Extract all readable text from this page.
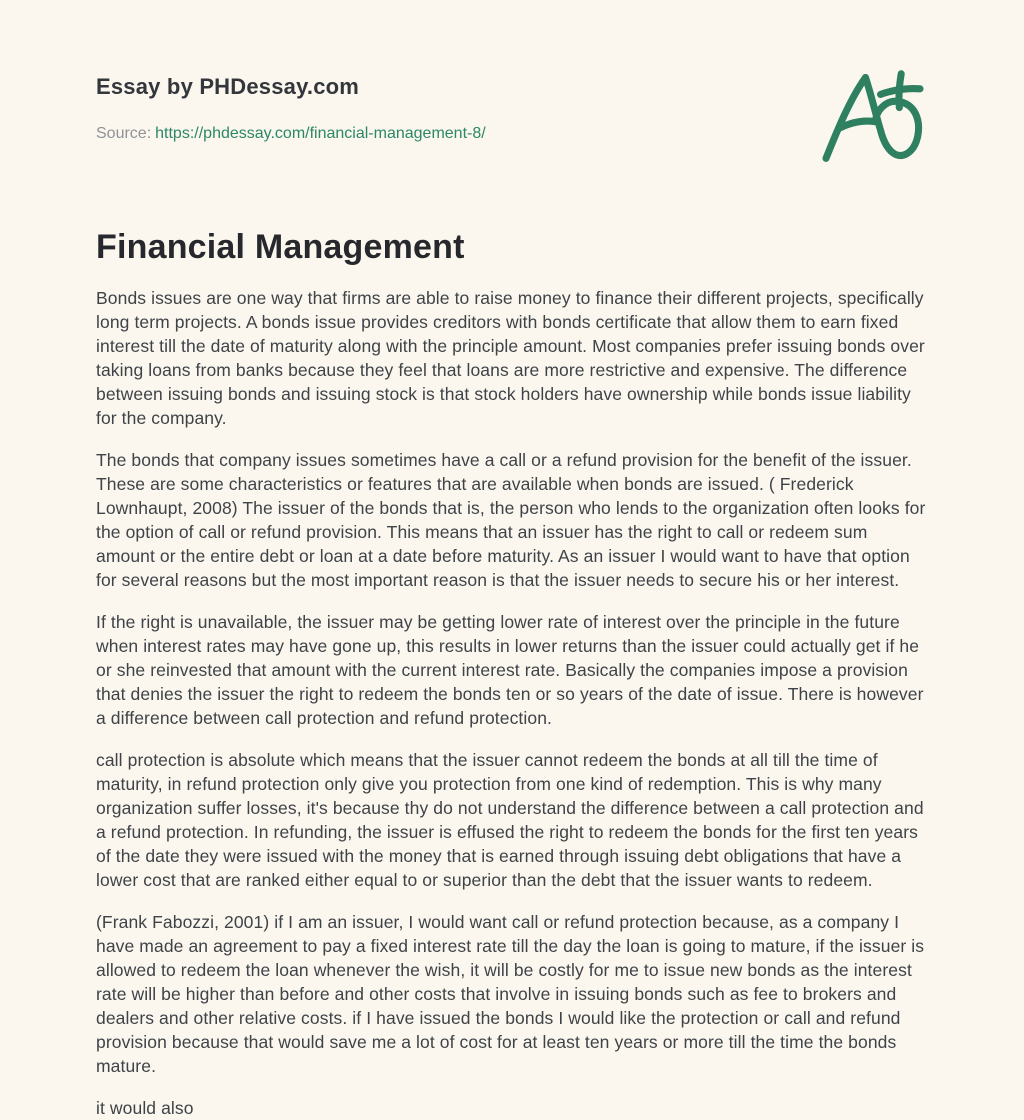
Essay by PHDessay.com
Source: https://phdessay.com/financial-management-8/
Financial Management

Bonds issues are one way that firms are able to raise money to finance their different projects, specifically long term projects. A bonds issue provides creditors with bonds certificate that allow them to earn fixed interest till the date of maturity along with the principle amount. Most companies prefer issuing bonds over taking loans from banks because they feel that loans are more restrictive and expensive. The difference between issuing bonds and issuing stock is that stock holders have ownership while bonds issue liability for the company.

The bonds that company issues sometimes have a call or a refund provision for the benefit of the issuer. These are some characteristics or features that are available when bonds are issued. ( Frederick Lownhaupt, 2008) The issuer of the bonds that is, the person who lends to the organization often looks for the option of call or refund provision. This means that an issuer has the right to call or redeem sum amount or the entire debt or loan at a date before maturity. As an issuer I would want to have that option for several reasons but the most important reason is that the issuer needs to secure his or her interest.

If the right is unavailable, the issuer may be getting lower rate of interest over the principle in the future when interest rates may have gone up, this results in lower returns than the issuer could actually get if he or she reinvested that amount with the current interest rate. Basically the companies impose a provision that denies the issuer the right to redeem the bonds ten or so years of the date of issue. There is however a difference between call protection and refund protection.

call protection is absolute which means that the issuer cannot redeem the bonds at all till the time of maturity, in refund protection only give you protection from one kind of redemption. This is why many organization suffer losses, it's because thy do not understand the difference between a call protection and a refund protection. In refunding, the issuer is effused the right to redeem the bonds for the first ten years of the date they were issued with the money that is earned through issuing debt obligations that have a lower cost that are ranked either equal to or superior than the debt that the issuer wants to redeem.

(Frank Fabozzi, 2001) if I am an issuer, I would want call or refund protection because, as a company I have made an agreement to pay a fixed interest rate till the day the loan is going to mature, if the issuer is allowed to redeem the loan whenever the wish, it will be costly for me to issue new bonds as the interest rate will be higher than before and other costs that involve in issuing bonds such as fee to brokers and dealers and other relative costs. if I have issued the bonds I would like the protection or call and refund provision because that would save me a lot of cost for at least ten years or more till the time the bonds mature.

it would also
